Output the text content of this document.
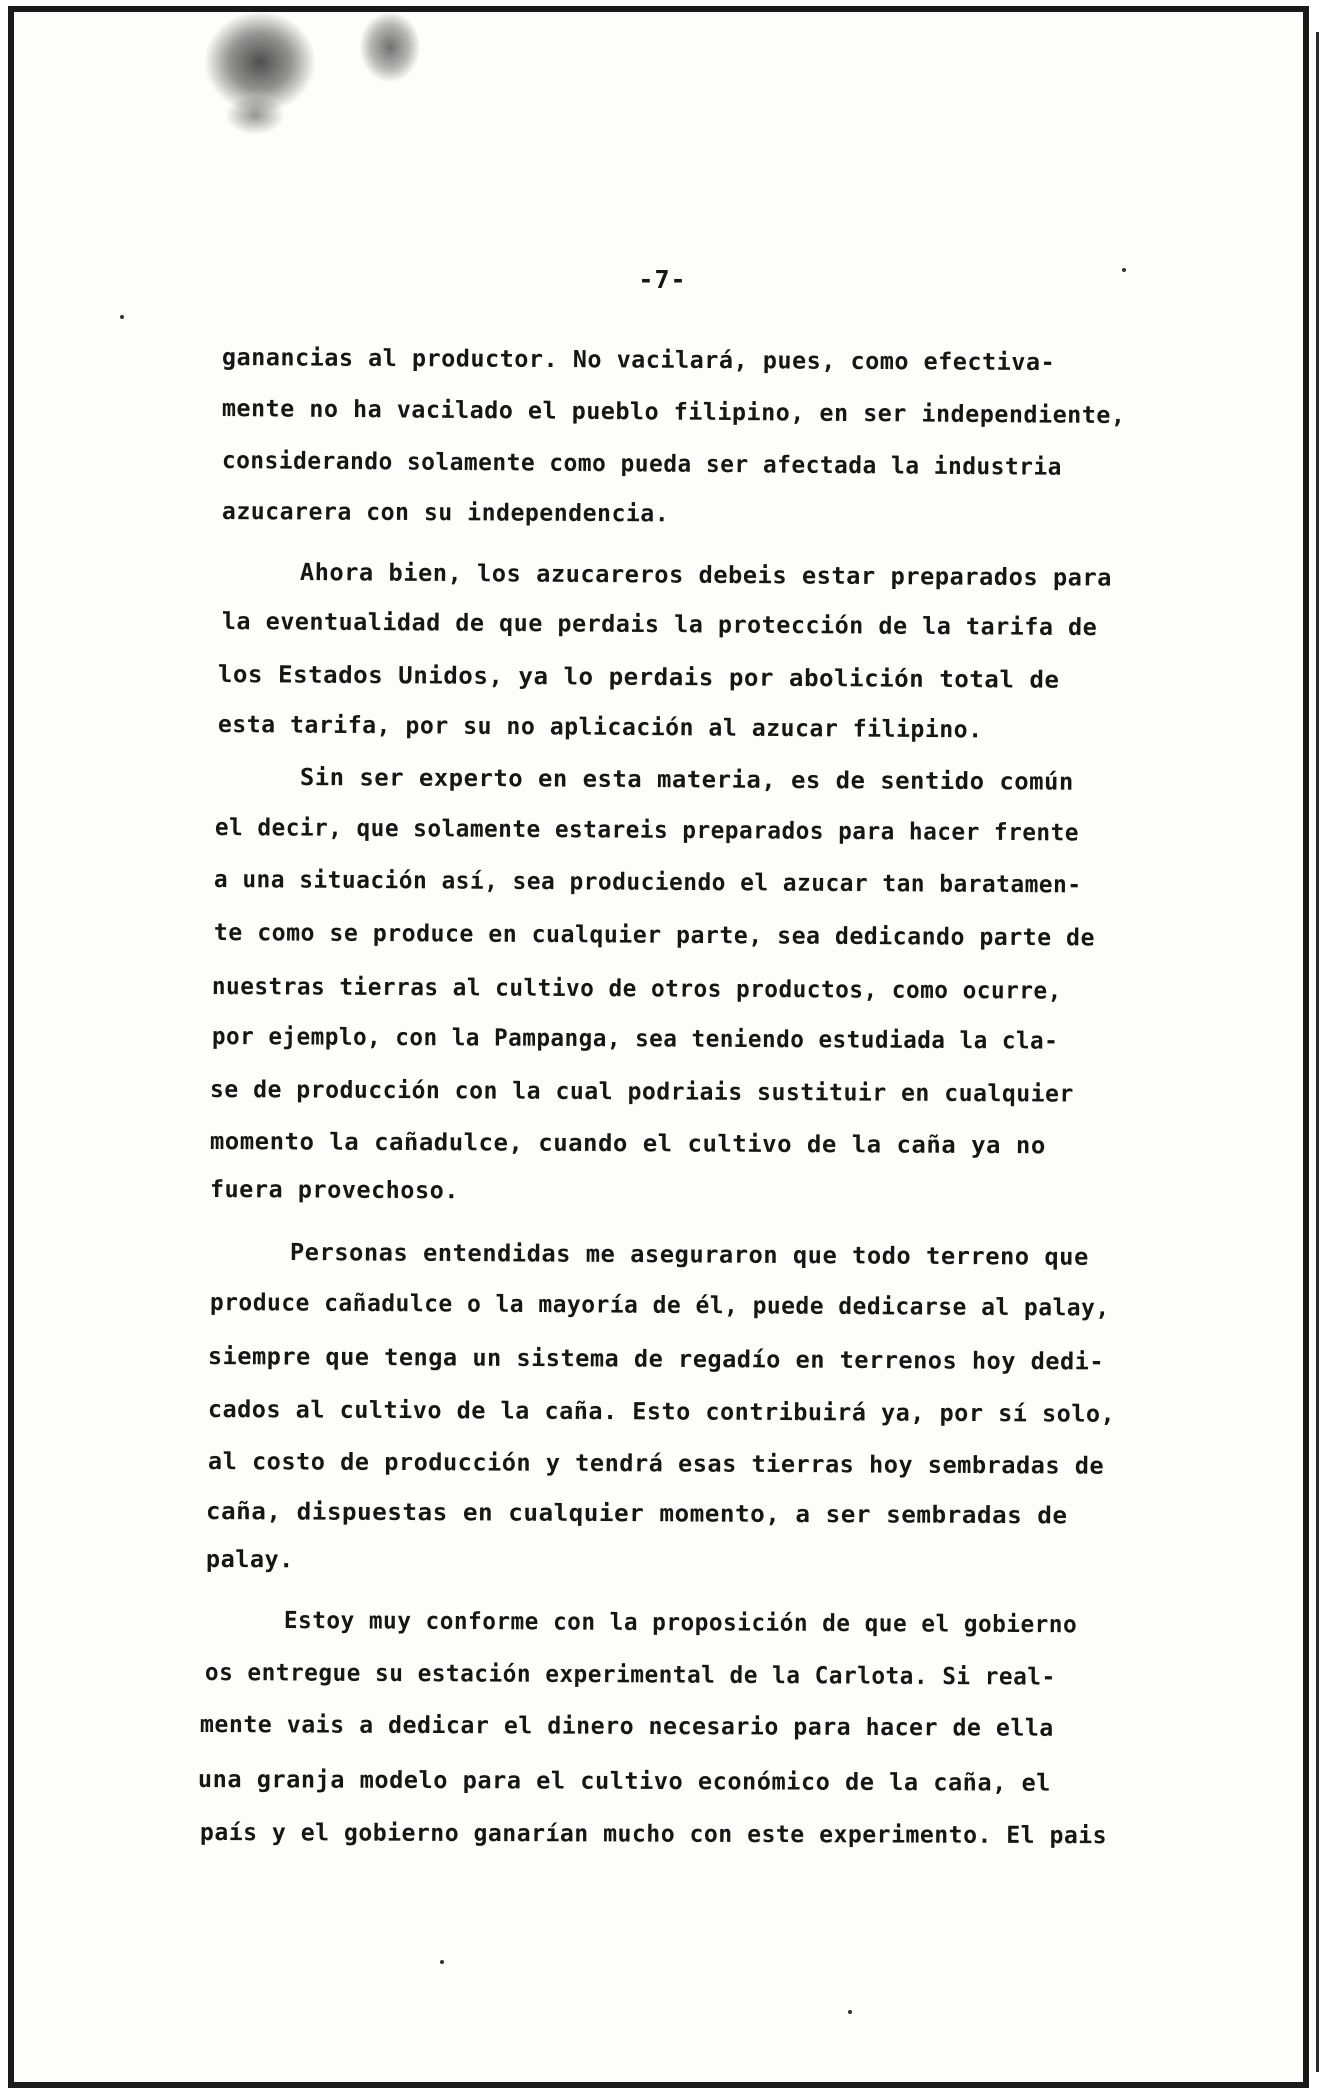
-7-
ganancias al productor. No vacilará, pues, como efectiva-
mente no ha vacilado el pueblo filipino, en ser independiente,
considerando solamente como pueda ser afectada la industria
azucarera con su independencia.
Ahora bien, los azucareros debeis estar preparados para
la eventualidad de que perdais la protección de la tarifa de
los Estados Unidos, ya lo perdais por abolición total de
esta tarifa, por su no aplicación al azucar filipino.
Sin ser experto en esta materia, es de sentido común
el decir, que solamente estareis preparados para hacer frente
a una situación así, sea produciendo el azucar tan baratamen-
te como se produce en cualquier parte, sea dedicando parte de
nuestras tierras al cultivo de otros productos, como ocurre,
por ejemplo, con la Pampanga, sea teniendo estudiada la cla-
se de producción con la cual podriais sustituir en cualquier
momento la cañadulce, cuando el cultivo de la caña ya no
fuera provechoso.
Personas entendidas me aseguraron que todo terreno que
produce cañadulce o la mayoría de él, puede dedicarse al palay,
siempre que tenga un sistema de regadío en terrenos hoy dedi-
cados al cultivo de la caña. Esto contribuirá ya, por sí solo,
al costo de producción y tendrá esas tierras hoy sembradas de
caña, dispuestas en cualquier momento, a ser sembradas de
palay.
Estoy muy conforme con la proposición de que el gobierno
os entregue su estación experimental de la Carlota. Si real-
mente vais a dedicar el dinero necesario para hacer de ella
una granja modelo para el cultivo económico de la caña, el
país y el gobierno ganarían mucho con este experimento. El pais
